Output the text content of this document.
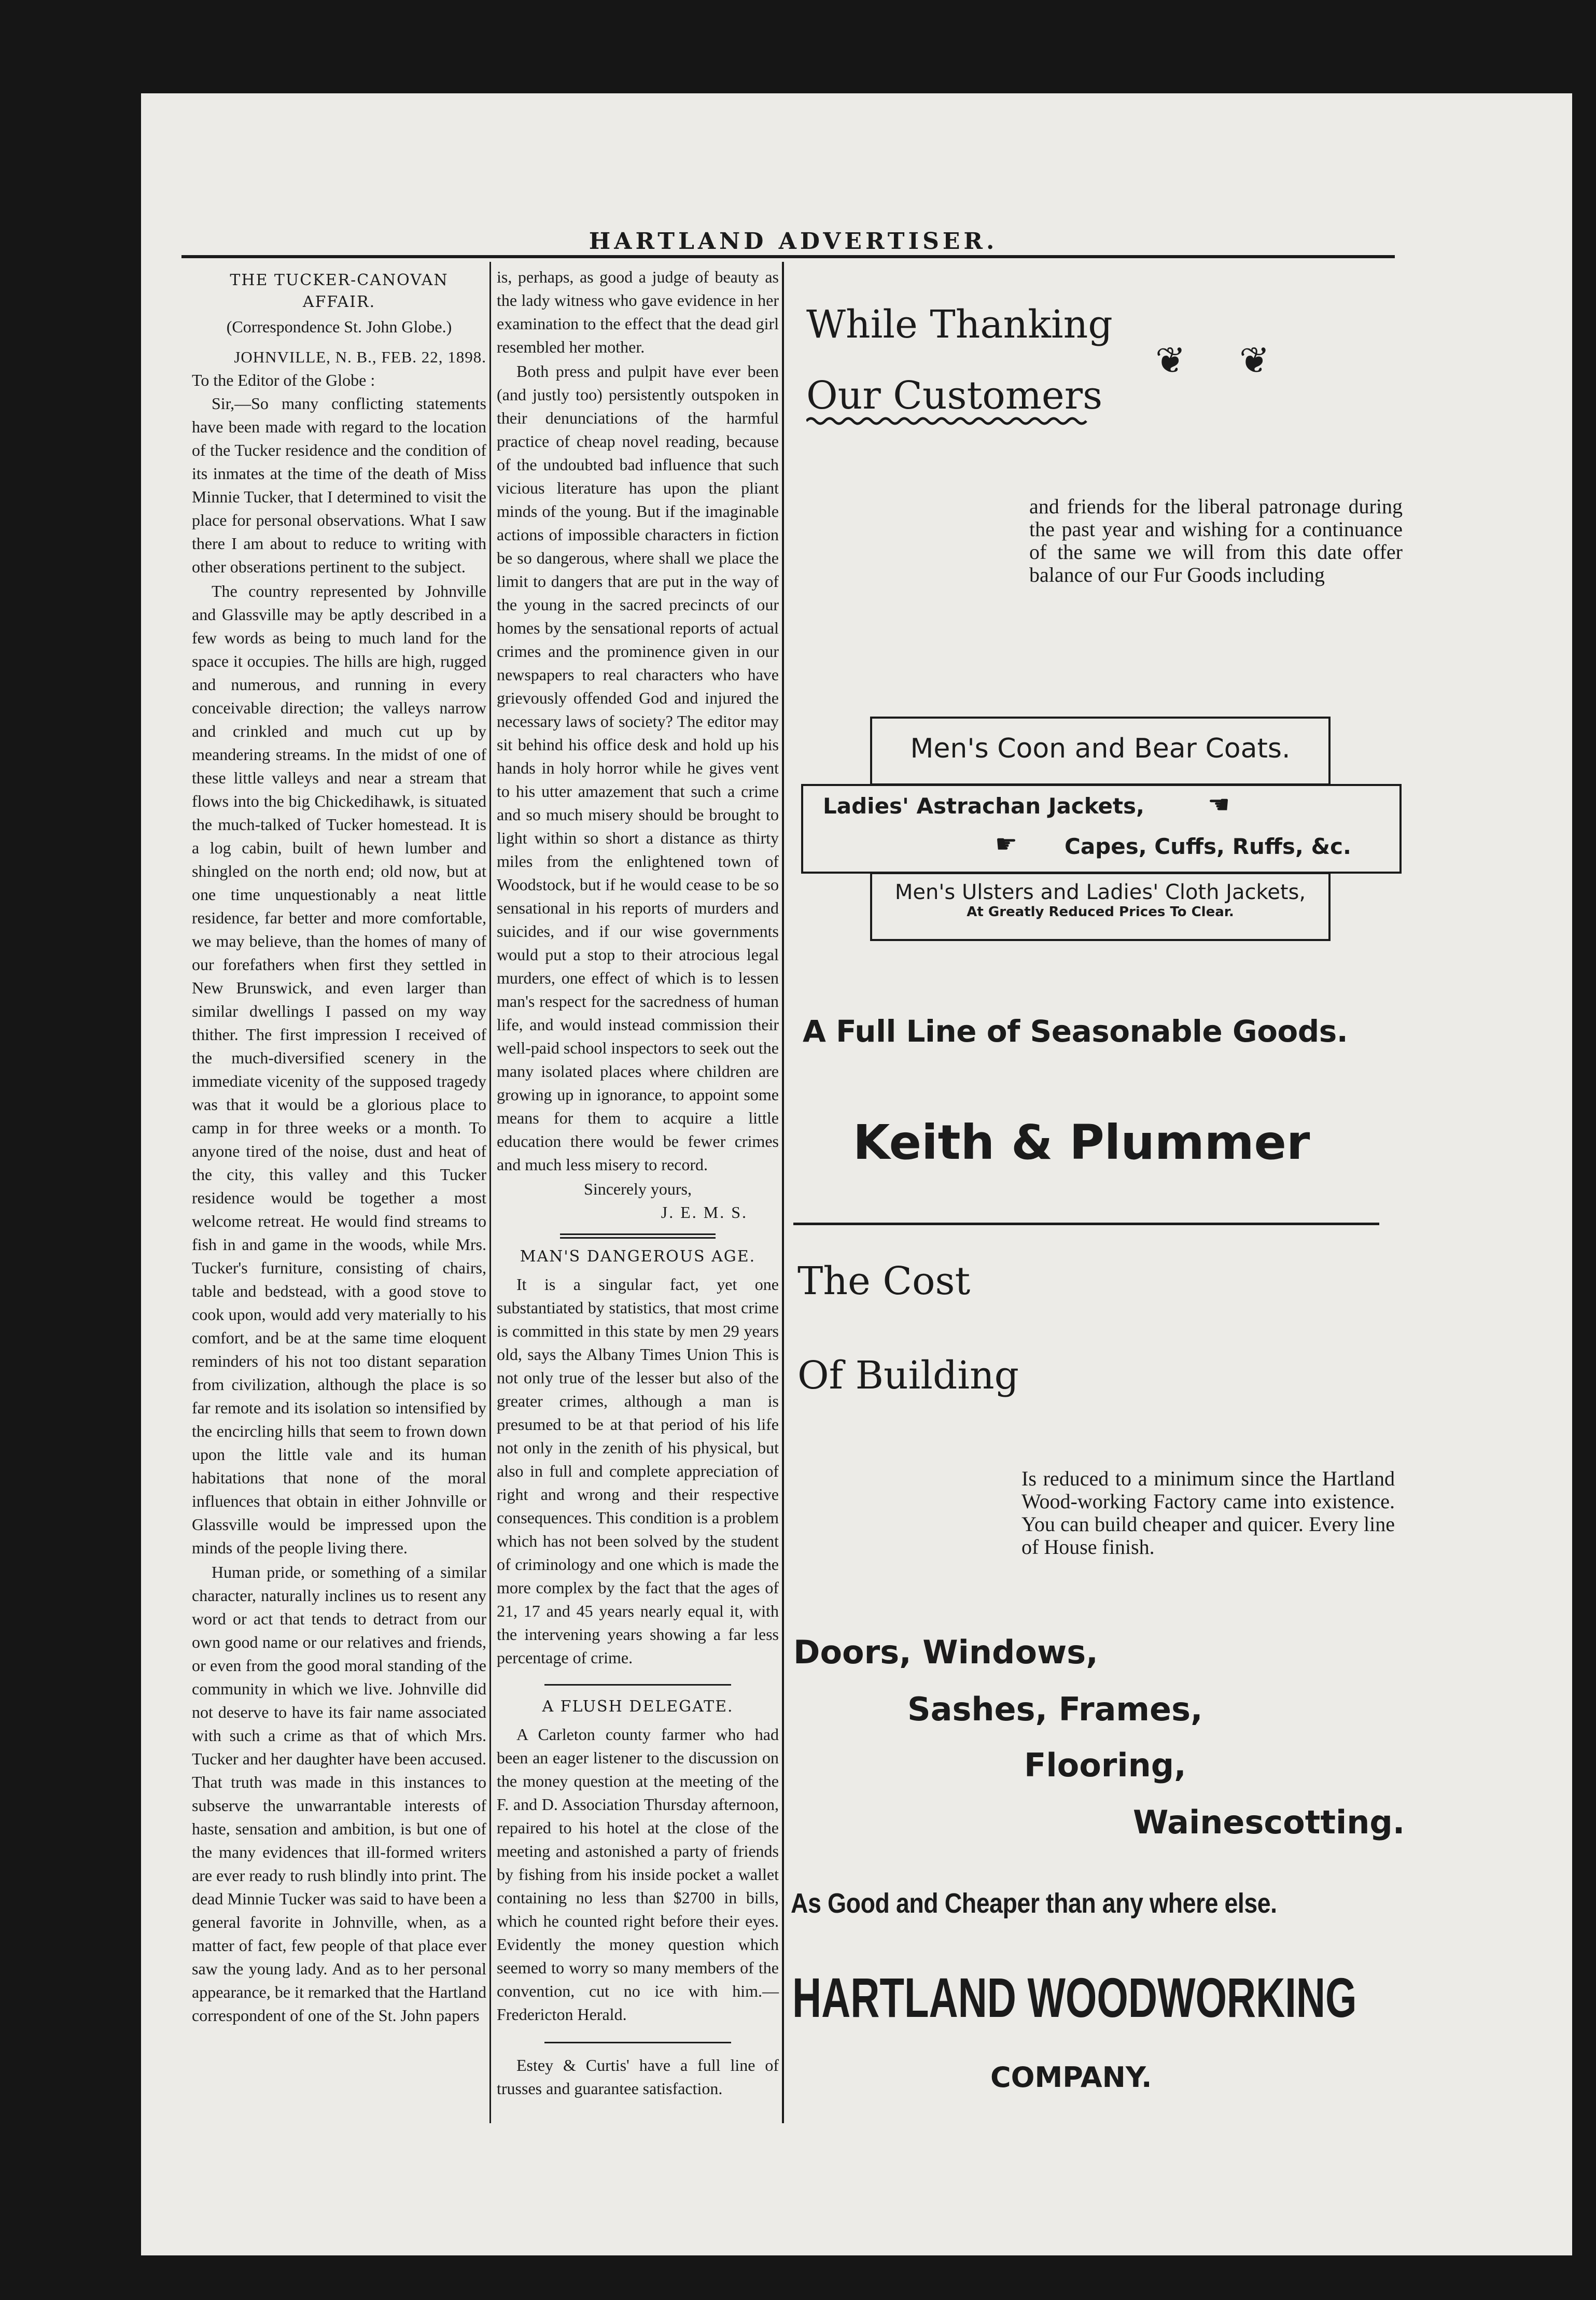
HARTLAND ADVERTISER.
THE TUCKER-CANOVAN
AFFAIR.
(Correspondence St. John Globe.)
JOHNVILLE, N. B., FEB. 22, 1898.
To the Editor of the Globe :

Sir,—So many conflicting statements have been made with regard to the location of the Tucker residence and the condition of its inmates at the time of the death of Miss Minnie Tucker, that I determined to visit the place for personal observations. What I saw there I am about to reduce to writing with other obserations pertinent to the subject.

The country represented by Johnville and Glassville may be aptly described in a few words as being to much land for the space it occupies. The hills are high, rugged and numerous, and running in every conceivable direction; the valleys narrow and crinkled and much cut up by meandering streams. In the midst of one of these little valleys and near a stream that flows into the big Chickedihawk, is situated the much-talked of Tucker homestead. It is a log cabin, built of hewn lumber and shingled on the north end; old now, but at one time unquestionably a neat little residence, far better and more comfortable, we may believe, than the homes of many of our forefathers when first they settled in New Brunswick, and even larger than similar dwellings I passed on my way thither. The first impression I received of the much-diversified scenery in the immediate vicenity of the supposed tragedy was that it would be a glorious place to camp in for three weeks or a month. To anyone tired of the noise, dust and heat of the city, this valley and this Tucker residence would be together a most welcome retreat. He would find streams to fish in and game in the woods, while Mrs. Tucker's furniture, consisting of chairs, table and bedstead, with a good stove to cook upon, would add very materially to his comfort, and be at the same time eloquent reminders of his not too distant separation from civilization, although the place is so far remote and its isolation so intensified by the encircling hills that seem to frown down upon the little vale and its human habitations that none of the moral influences that obtain in either Johnville or Glassville would be impressed upon the minds of the people living there.

Human pride, or something of a similar character, naturally inclines us to resent any word or act that tends to detract from our own good name or our relatives and friends, or even from the good moral standing of the community in which we live. Johnville did not deserve to have its fair name associated with such a crime as that of which Mrs. Tucker and her daughter have been accused. That truth was made in this instances to subserve the unwarrantable interests of haste, sensation and ambition, is but one of the many evidences that ill-formed writers are ever ready to rush blindly into print. The dead Minnie Tucker was said to have been a general favorite in Johnville, when, as a matter of fact, few people of that place ever saw the young lady. And as to her personal appearance, be it remarked that the Hartland correspondent of one of the St. John papers

is, perhaps, as good a judge of beauty as the lady witness who gave evidence in her examination to the effect that the dead girl resembled her mother.

Both press and pulpit have ever been (and justly too) persistently outspoken in their denunciations of the harmful practice of cheap novel reading, because of the undoubted bad influence that such vicious literature has upon the pliant minds of the young. But if the imaginable actions of impossible characters in fiction be so dangerous, where shall we place the limit to dangers that are put in the way of the young in the sacred precincts of our homes by the sensational reports of actual crimes and the prominence given in our newspapers to real characters who have grievously offended God and injured the necessary laws of society? The editor may sit behind his office desk and hold up his hands in holy horror while he gives vent to his utter amazement that such a crime and so much misery should be brought to light within so short a distance as thirty miles from the enlightened town of Woodstock, but if he would cease to be so sensational in his reports of murders and suicides, and if our wise governments would put a stop to their atrocious legal murders, one effect of which is to lessen man's respect for the sacredness of human life, and would instead commission their well-paid school inspectors to seek out the many isolated places where children are growing up in ignorance, to appoint some means for them to acquire a little education there would be fewer crimes and much less misery to record.

Sincerely yours,
J. E. M. S.
MAN'S DANGEROUS AGE.

It is a singular fact, yet one substantiated by statistics, that most crime is committed in this state by men 29 years old, says the Albany Times Union This is not only true of the lesser but also of the greater crimes, although a man is presumed to be at that period of his life not only in the zenith of his physical, but also in full and complete appreciation of right and wrong and their respective consequences. This condition is a problem which has not been solved by the student of criminology and one which is made the more complex by the fact that the ages of 21, 17 and 45 years nearly equal it, with the intervening years showing a far less percentage of crime.

A FLUSH DELEGATE.

A Carleton county farmer who had been an eager listener to the discussion on the money question at the meeting of the F. and D. Association Thursday afternoon, repaired to his hotel at the close of the meeting and astonished a party of friends by fishing from his inside pocket a wallet containing no less than $2700 in bills, which he counted right before their eyes. Evidently the money question which seemed to worry so many members of the convention, cut no ice with him.—Fredericton Herald.

Estey & Curtis' have a full line of trusses and guarantee satisfaction.

While Thanking
Our Customers
❦ ❦
and friends for the liberal patronage during the past year and wishing for a continuance of the same we will from this date offer balance of our Fur Goods including
Men's Coon and Bear Coats.
Ladies' Astrachan Jackets,	☚
☛ Capes, Cuffs, Ruffs, &c.
Men's Ulsters and Ladies' Cloth Jackets,
At Greatly Reduced Prices To Clear.
A Full Line of Seasonable Goods.
Keith & Plummer
The Cost
Of Building
Is reduced to a minimum since the Hartland Wood-working Factory came into existence. You can build cheaper and quicer. Every line of House finish.
Doors, Windows,
Sashes, Frames,
Flooring,
Wainescotting.
As Good and Cheaper than any where else.
HARTLAND WOODWORKING
COMPANY.
